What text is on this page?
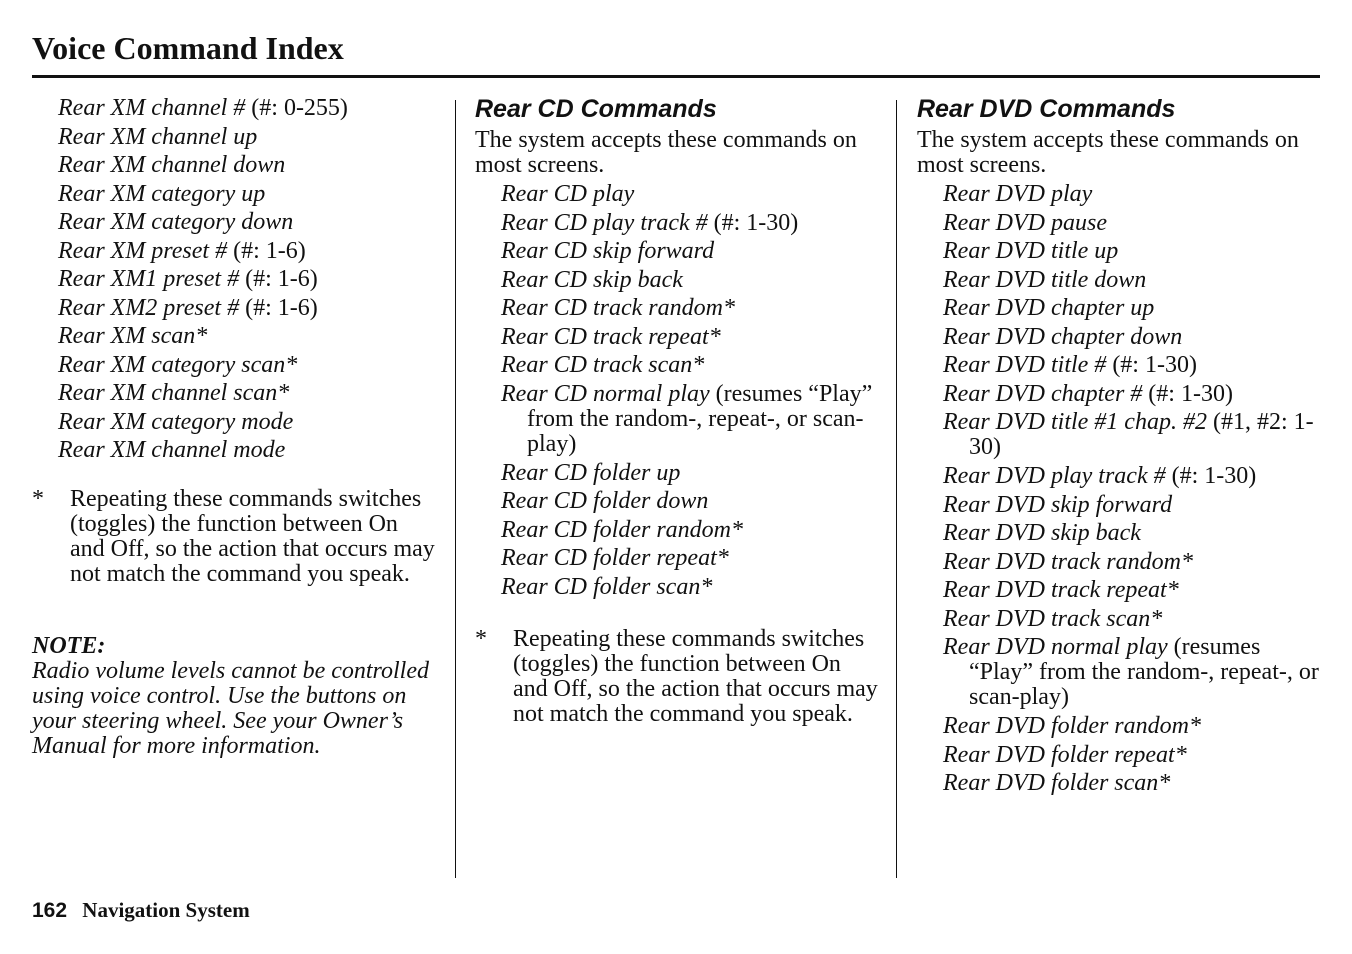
Voice Command Index
Rear XM channel # (#: 0-255)
Rear XM channel up
Rear XM channel down
Rear XM category up
Rear XM category down
Rear XM preset # (#: 1-6)
Rear XM1 preset # (#: 1-6)
Rear XM2 preset # (#: 1-6)
Rear XM scan*
Rear XM category scan*
Rear XM channel scan*
Rear XM category mode
Rear XM channel mode
* Repeating these commands switches (toggles) the function between On and Off, so the action that occurs may not match the command you speak.
NOTE:
Radio volume levels cannot be controlled using voice control. Use the buttons on your steering wheel. See your Owner’s Manual for more information.
Rear CD Commands
The system accepts these commands on most screens.
Rear CD play
Rear CD play track # (#: 1-30)
Rear CD skip forward
Rear CD skip back
Rear CD track random*
Rear CD track repeat*
Rear CD track scan*
Rear CD normal play (resumes “Play” from the random-, repeat-, or scan-play)
Rear CD folder up
Rear CD folder down
Rear CD folder random*
Rear CD folder repeat*
Rear CD folder scan*
* Repeating these commands switches (toggles) the function between On and Off, so the action that occurs may not match the command you speak.
Rear DVD Commands
The system accepts these commands on most screens.
Rear DVD play
Rear DVD pause
Rear DVD title up
Rear DVD title down
Rear DVD chapter up
Rear DVD chapter down
Rear DVD title # (#: 1-30)
Rear DVD chapter # (#: 1-30)
Rear DVD title #1 chap. #2 (#1, #2: 1-30)
Rear DVD play track # (#: 1-30)
Rear DVD skip forward
Rear DVD skip back
Rear DVD track random*
Rear DVD track repeat*
Rear DVD track scan*
Rear DVD normal play (resumes “Play” from the random-, repeat-, or scan-play)
Rear DVD folder random*
Rear DVD folder repeat*
Rear DVD folder scan*
162 Navigation System
